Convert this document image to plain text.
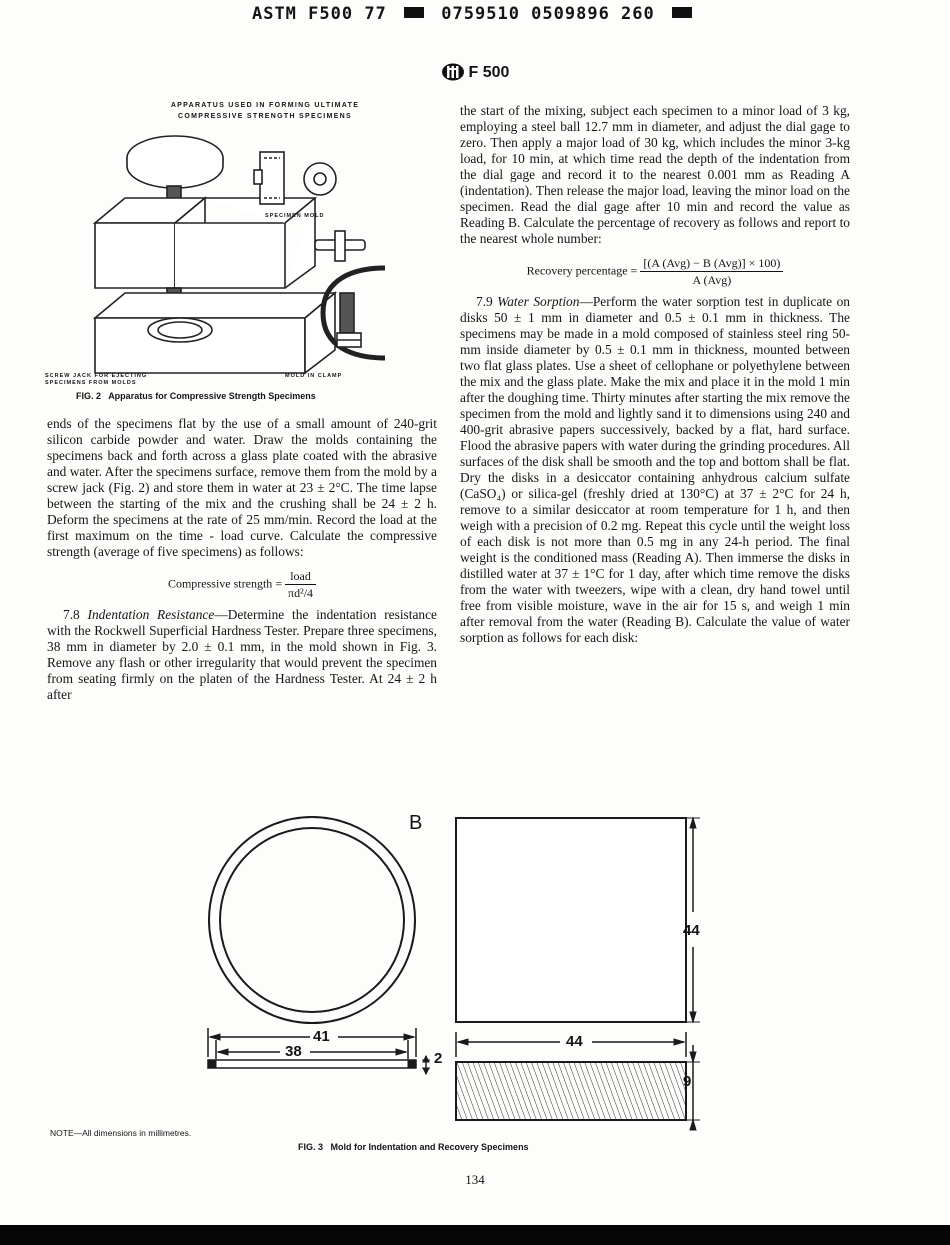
ASTM F500 77	0759510 0509896 260
F 500
APPARATUS USED IN FORMING ULTIMATE
COMPRESSIVE STRENGTH SPECIMENS
SPECIMEN MOLD
SCREW JACK FOR EJECTING
SPECIMENS FROM MOLDS
MOLD IN CLAMP
FIG. 2 Apparatus for Compressive Strength Specimens

ends of the specimens flat by the use of a small amount of 240-grit silicon carbide powder and water. Draw the molds containing the specimens back and forth across a glass plate coated with the abrasive and water. After the specimens surface, remove them from the mold by a screw jack (Fig. 2) and store them in water at 23 ± 2°C. The time lapse between the starting of the mix and the crushing shall be 24 ± 2 h. Deform the specimens at the rate of 25 mm/min. Record the load at the first maximum on the time - load curve. Calculate the compressive strength (average of five specimens) as follows:

Compressive strength = $\frac{\text{load}}{\text{πd²/4}}$

7.8 Indentation Resistance—Determine the indentation resistance with the Rockwell Superficial Hardness Tester. Prepare three specimens, 38 mm in diameter by 2.0 ± 0.1 mm, in the mold shown in Fig. 3. Remove any flash or other irregularity that would prevent the specimen from seating firmly on the platen of the Hardness Tester. At 24 ± 2 h after

the start of the mixing, subject each specimen to a minor load of 3 kg, employing a steel ball 12.7 mm in diameter, and adjust the dial gage to zero. Then apply a major load of 30 kg, which includes the minor 3-kg load, for 10 min, at which time read the depth of the indentation from the dial gage and record it to the nearest 0.001 mm as Reading A (indentation). Then release the major load, leaving the minor load on the specimen. Read the dial gage after 10 min and record the value as Reading B. Calculate the percentage of recovery as follows and report to the nearest whole number:

Recovery percentage = $\frac{\text{[(A (Avg) − B (Avg)] × 100)}}{\text{A (Avg)}}$

7.9 Water Sorption—Perform the water sorption test in duplicate on disks 50 ± 1 mm in diameter and 0.5 ± 0.1 mm in thickness. The specimens may be made in a mold composed of stainless steel ring 50-mm inside diameter by 0.5 ± 0.1 mm in thickness, mounted between two flat glass plates. Use a sheet of cellophane or polyethylene between the mix and the glass plate. Make the mix and place it in the mold 1 min after the doughing time. Thirty minutes after starting the mix remove the specimen from the mold and lightly sand it to dimensions using 240 and 400-grit abrasive papers successively, backed by a flat, hard surface. Flood the abrasive papers with water during the grinding procedures. All surfaces of the disk shall be smooth and the top and bottom shall be flat. Dry the disks in a desiccator containing anhydrous calcium sulfate (CaSO₄) or silica-gel (freshly dried at 130°C) at 37 ± 2°C for 24 h, remove to a similar desiccator at room temperature for 1 h, and then weigh with a precision of 0.2 mg. Repeat this cycle until the weight loss of each disk is not more than 0.5 mg in any 24-h period. The final weight is the conditioned mass (Reading A). Then immerse the disks in distilled water at 37 ± 1°C for 1 day, after which time remove the disks from the water with tweezers, wipe with a clean, dry hand towel until free from visible moisture, wave in the air for 15 s, and weigh 1 min after removal from the water (Reading B). Calculate the value of water sorption as follows for each disk:

B
41
38	2
44
44
9
NOTE—All dimensions in millimetres.
FIG. 3 Mold for Indentation and Recovery Specimens
134
